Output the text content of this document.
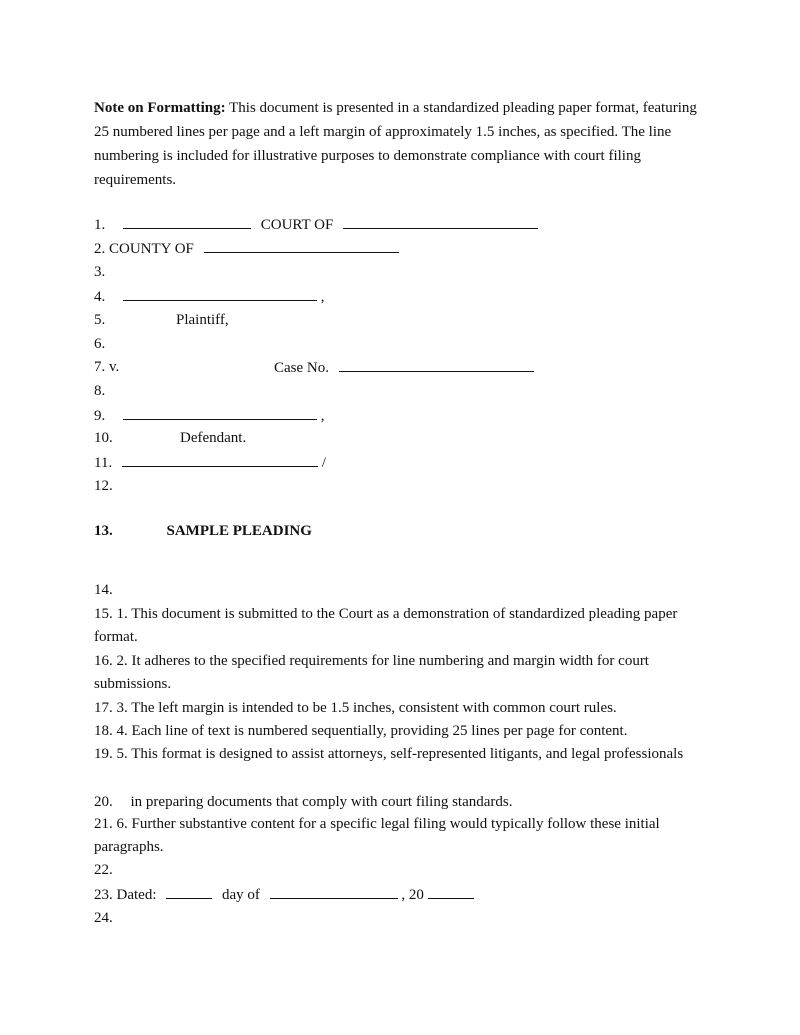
Note on Formatting: This document is presented in a standardized pleading paper format, featuring 25 numbered lines per page and a left margin of approximately 1.5 inches, as specified. The line numbering is included for illustrative purposes to demonstrate compliance with court filing requirements.
1.	COURT OF
2. COUNTY OF
3.
4.	,
5.	Plaintiff,
6.
7. v.	Case No.
8.
9.	,
10.	Defendant.
11.	/
12.
13.	SAMPLE PLEADING
14.
15. 1. This document is submitted to the Court as a demonstration of standardized pleading paper format.
16. 2. It adheres to the specified requirements for line numbering and margin width for court submissions.
17. 3. The left margin is intended to be 1.5 inches, consistent with common court rules.
18. 4. Each line of text is numbered sequentially, providing 25 lines per page for content.
19. 5. This format is designed to assist attorneys, self-represented litigants, and legal professionals
20. in preparing documents that comply with court filing standards.
21. 6. Further substantive content for a specific legal filing would typically follow these initial paragraphs.
22.
23. Dated:	day of	, 20
24.
